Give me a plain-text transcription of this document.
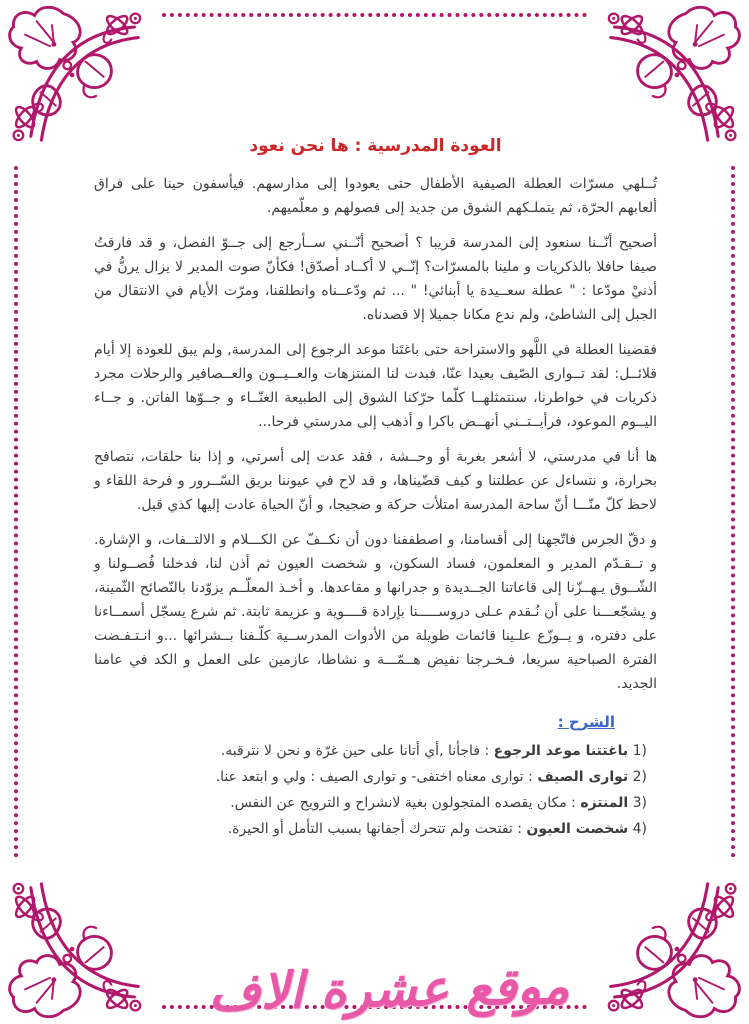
العودة المدرسية : ها نحن نعود

تُــلهي مسرّات العطلة الصيفية الأطفال حتى يعودوا إلى مدارسهم. فيأسفون حينا على فراق ألعابهم الحرّة، ثم يتملـكهم الشوق من جديد إلى فصولهم و معلّميهم.

أصحيح أنّــنا سنعود إلى المدرسة قريبا ؟ أصحيح أنّــني ســأرجع إلى جــوّ الفصل، و قد فارقتُ صيفا حافلا بالذكريات و ملينا بالمسرّات؟ إنّــي لا أكــاد أصدّق! فكأنّ صوت المدير لا يزال يرنُّ في أذنيْ مودّعا : " عطلة سعــيدة يا أبنائي! " ... ثم ودّعــناه وانطلقنا، ومرّت الأيام في الانتقال من الجبل إلى الشاطئ، ولم ندع مكانا جميلا إلا قصدناه.

فقضينا العطلة في اللَّهو والاستراحة حتى باغتَنا موعد الرجوع إلى المدرسة, ولم يبق للعودة إلا أيام قلائــل: لقد تــوارى الصّيف بعيدا عنّا، فبدت لنا المنتزهات والعــيــون والعــصافير والرحلات مجرد ذكريات في خواطرنا، سنتمثلهــا كلّما حرّكنا الشوق إلى الطبيعة الغنّــاء و جــوّها الفاتن. و جــاء اليــوم الموعود، فرأيــتــني أنهــض باكرا و أذهب إلى مدرستي فرحا...

ها أنا في مدرستي، لا أشعر بغربة أو وحــشة ، فقد عدت إلى أسرتي، و إذا بنا حلقات، نتصافح بحرارة، و نتساءل عن عطلتنا و كيف قضّيناها، و قد لاح في عيوننا بريق السّــرور و فرحة اللقاء و لاحظ كلّ منّـــا أنّ ساحة المدرسة امتلأت حركة و ضجيجا، و أنّ الحياة عادت إليها كذي قبل.

و دقّ الجرس فاتّجهنا إلى أقسامنا، و اصطففنا دون أن نكــفّ عن الكـــلام و الالتــفات، و الإشارة. و تــقـدّم المدير و المعلمون، فساد السكون، و شخصت العيون ثم أذن لنا، فدخلنا فُصــولنا و الشّــوق يـهــزّنا إلى قاعاتنا الجــديدة و جدرانها و مقاعدها. و أخـذ المعلّــم يزوّدنا بالنّصائح الثّمينة، و يشجّعـــنا على أن نُـقدم عـلى دروســـــنا بإرادة قــــوية و عزيمة ثابتة. ثم شرع يسجّل أسمــاءنا على دفتره، و يــوزّع علـينا قائمات طويلة من الأدوات المدرســية كلّـفنا بــشرائها ...و انـتـفـضت الفترة الصباحية سريعا، فـخـرجنا نفيض هــمّـــة و نشاطا، عازمين على العمل و الكد في عامنا الجديد.

الشرح :
1) باغتتنا موعد الرجوع : فاجأنا ,أي أتانا على حين غرّة و نحن لا نترقبه.
2) توارى الصيف : توارى معناه اختفى- و توارى الصيف : ولي و ابتعد عنا.
3) المنتزه : مكان يقصده المتجولون بغية لانشراح و الترويح عن النفس.
4) شخصت العيون : تفتحت ولم تتحرك أجفانها بسبب التأمل أو الحيرة.
موقع عشرة الاف
